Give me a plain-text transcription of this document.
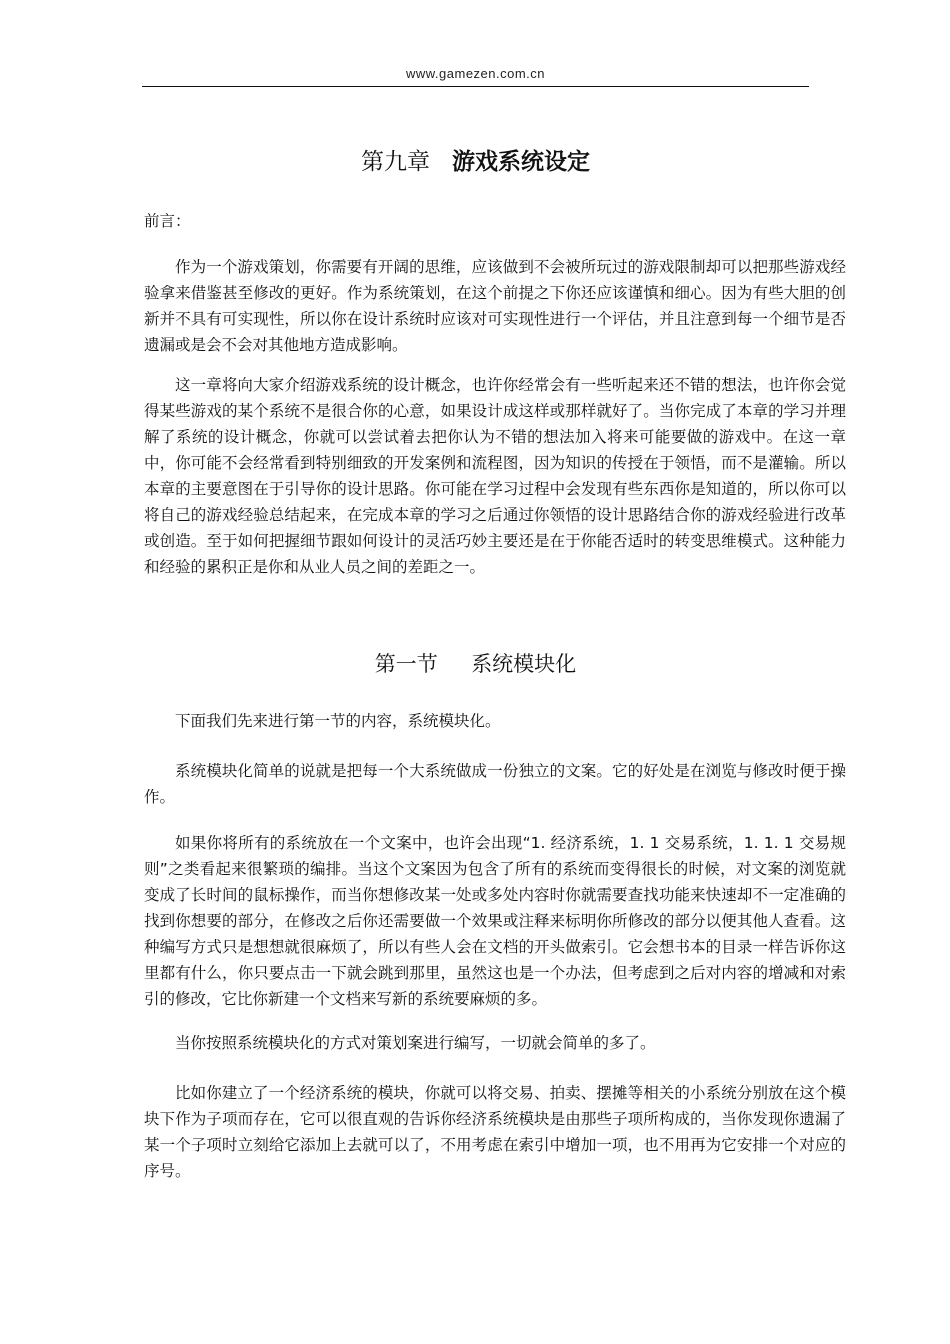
www.gamezen.com.cn
第九章 游戏系统设定

前言：

作为一个游戏策划，你需要有开阔的思维，应该做到不会被所玩过的游戏限制却可以把那些游戏经验拿来借鉴甚至修改的更好。作为系统策划，在这个前提之下你还应该谨慎和细心。因为有些大胆的创新并不具有可实现性，所以你在设计系统时应该对可实现性进行一个评估，并且注意到每一个细节是否遗漏或是会不会对其他地方造成影响。

这一章将向大家介绍游戏系统的设计概念，也许你经常会有一些听起来还不错的想法，也许你会觉得某些游戏的某个系统不是很合你的心意，如果设计成这样或那样就好了。当你完成了本章的学习并理解了系统的设计概念，你就可以尝试着去把你认为不错的想法加入将来可能要做的游戏中。在这一章中，你可能不会经常看到特别细致的开发案例和流程图，因为知识的传授在于领悟，而不是灌输。所以本章的主要意图在于引导你的设计思路。你可能在学习过程中会发现有些东西你是知道的，所以你可以将自己的游戏经验总结起来，在完成本章的学习之后通过你领悟的设计思路结合你的游戏经验进行改革或创造。至于如何把握细节跟如何设计的灵活巧妙主要还是在于你能否适时的转变思维模式。这种能力和经验的累积正是你和从业人员之间的差距之一。

第一节 系统模块化

下面我们先来进行第一节的内容，系统模块化。

系统模块化简单的说就是把每一个大系统做成一份独立的文案。它的好处是在浏览与修改时便于操作。

如果你将所有的系统放在一个文案中，也许会出现“1. 经济系统，1. 1 交易系统，1. 1. 1 交易规则”之类看起来很繁琐的编排。当这个文案因为包含了所有的系统而变得很长的时候，对文案的浏览就变成了长时间的鼠标操作，而当你想修改某一处或多处内容时你就需要查找功能来快速却不一定准确的找到你想要的部分，在修改之后你还需要做一个效果或注释来标明你所修改的部分以便其他人查看。这种编写方式只是想想就很麻烦了，所以有些人会在文档的开头做索引。它会想书本的目录一样告诉你这里都有什么，你只要点击一下就会跳到那里，虽然这也是一个办法，但考虑到之后对内容的增减和对索引的修改，它比你新建一个文档来写新的系统要麻烦的多。

当你按照系统模块化的方式对策划案进行编写，一切就会简单的多了。

比如你建立了一个经济系统的模块，你就可以将交易、拍卖、摆摊等相关的小系统分别放在这个模块下作为子项而存在，它可以很直观的告诉你经济系统模块是由那些子项所构成的，当你发现你遗漏了某一个子项时立刻给它添加上去就可以了，不用考虑在索引中增加一项，也不用再为它安排一个对应的序号。
